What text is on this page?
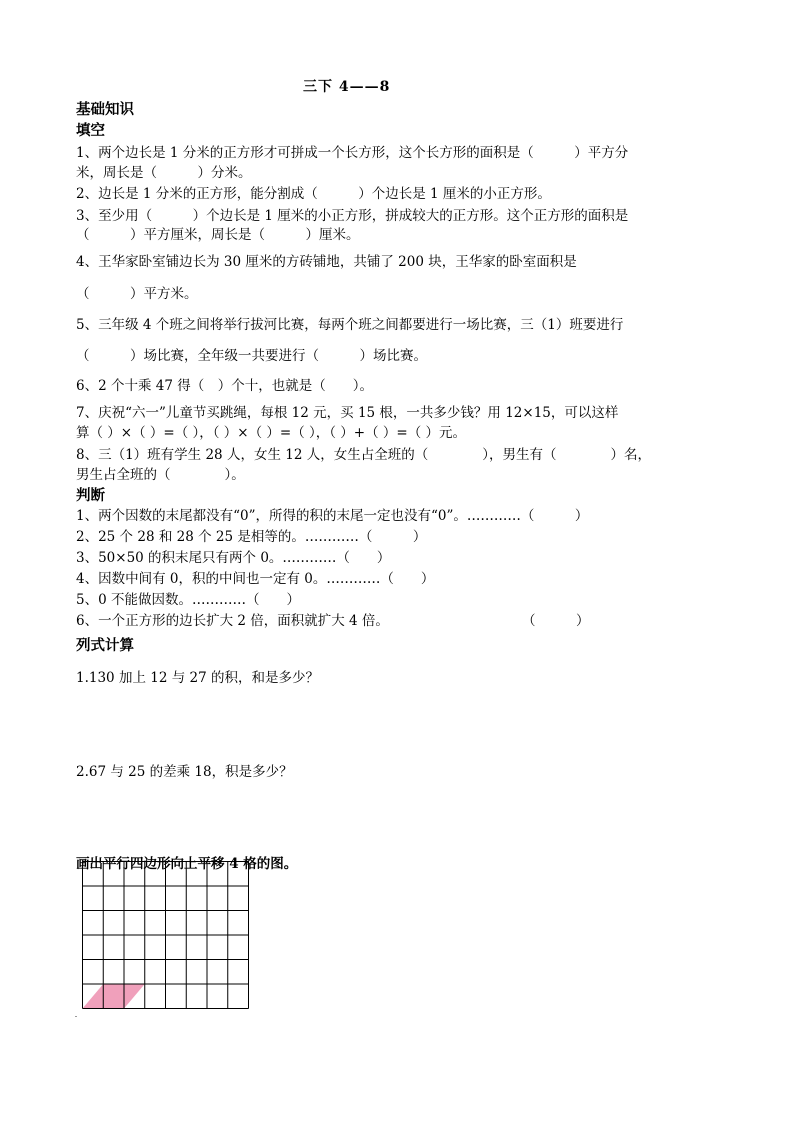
三下 4——8
基础知识
填空
1、两个边长是 1 分米的正方形才可拼成一个长方形，这个长方形的面积是（　　　）平方分
米，周长是（　　　）分米。
2、边长是 1 分米的正方形，能分割成（　　　）个边长是 1 厘米的小正方形。
3、至少用（　　　）个边长是 1 厘米的小正方形，拼成较大的正方形。这个正方形的面积是
（　　　）平方厘米，周长是（　　　）厘米。
4、王华家卧室铺边长为 30 厘米的方砖铺地，共铺了 200 块，王华家的卧室面积是
（　　　）平方米。
5、三年级 4 个班之间将举行拔河比赛，每两个班之间都要进行一场比赛，三（1）班要进行
（　　　）场比赛，全年级一共要进行（　　　）场比赛。
6、2 个十乘 47 得（　）个十，也就是（　　）。
7、庆祝“六一”儿童节买跳绳，每根 12 元，买 15 根，一共多少钱？用 12×15，可以这样
算（ ）×（ ）=（ ），（ ）×（ ）=（ ），（ ）+（ ）=（ ）元。
8、三（1）班有学生 28 人，女生 12 人，女生占全班的（　　　　），男生有（　　　　）名，
男生占全班的（　　　　）。
判断
1、两个因数的末尾都没有“0”，所得的积的末尾一定也没有“0”。…………（　　　）
2、25 个 28 和 28 个 25 是相等的。…………（　　　）
3、50×50 的积末尾只有两个 0。…………（　　）
4、因数中间有 0，积的中间也一定有 0。…………（　　）
5、0 不能做因数。…………（　　）
6、一个正方形的边长扩大 2 倍，面积就扩大 4 倍。	（　　　）
列式计算
1.130 加上 12 与 27 的积，和是多少？
2.67 与 25 的差乘 18，积是多少？
画出平行四边形向上平移 4 格的图。
